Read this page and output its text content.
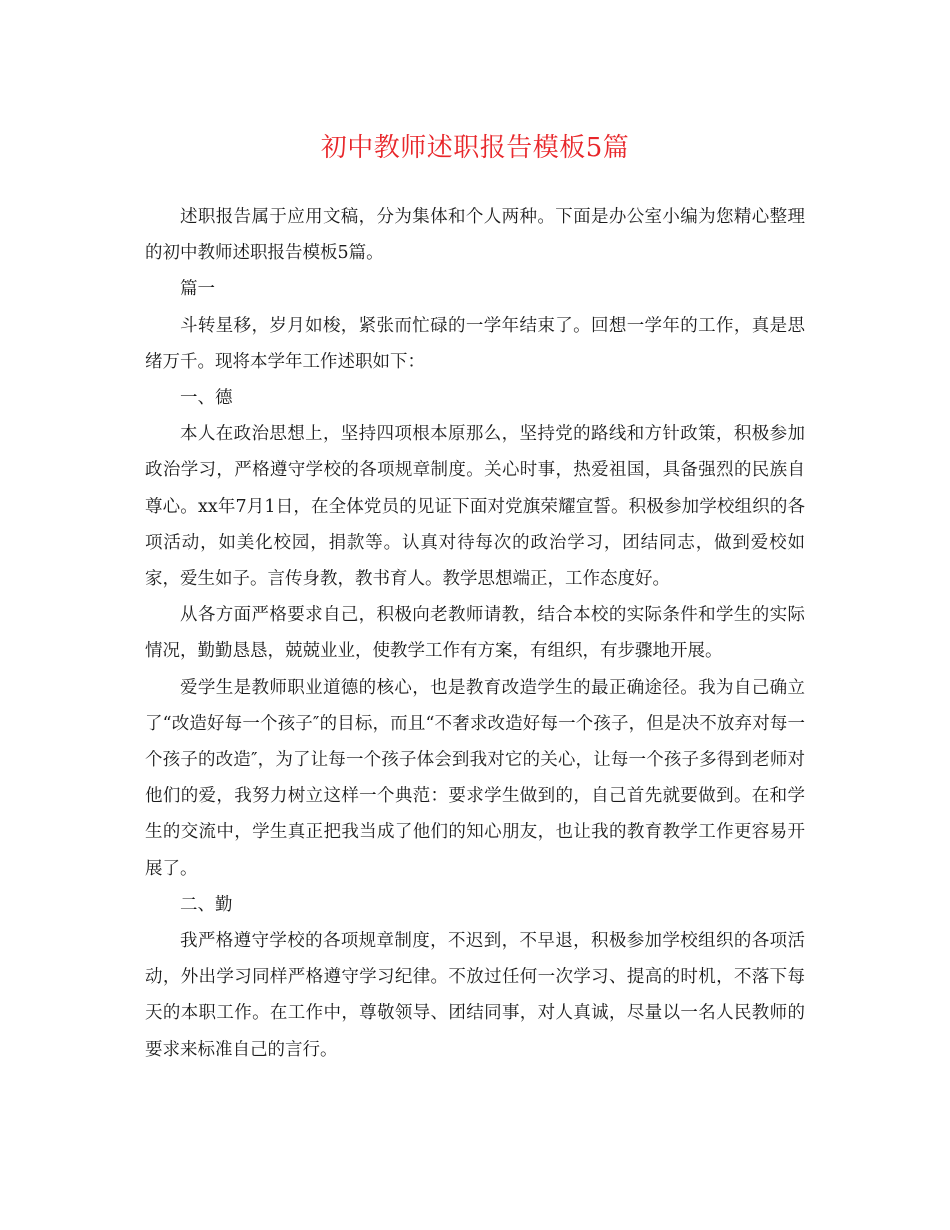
初中教师述职报告模板5篇

述职报告属于应用文稿，分为集体和个人两种。下面是办公室小编为您精心整理的初中教师述职报告模板5篇。

篇一

斗转星移，岁月如梭，紧张而忙碌的一学年结束了。回想一学年的工作，真是思绪万千。现将本学年工作述职如下：

一、德

本人在政治思想上，坚持四项根本原那么，坚持党的路线和方针政策，积极参加政治学习，严格遵守学校的各项规章制度。关心时事，热爱祖国，具备强烈的民族自尊心。xx年7月1日，在全体党员的见证下面对党旗荣耀宣誓。积极参加学校组织的各项活动，如美化校园，捐款等。认真对待每次的政治学习，团结同志，做到爱校如家，爱生如子。言传身教，教书育人。教学思想端正，工作态度好。

从各方面严格要求自己，积极向老教师请教，结合本校的实际条件和学生的实际情况，勤勤恳恳，兢兢业业，使教学工作有方案，有组织，有步骤地开展。

爱学生是教师职业道德的核心，也是教育改造学生的最正确途径。我为自己确立了“改造好每一个孩子″的目标，而且“不奢求改造好每一个孩子，但是决不放弃对每一个孩子的改造″，为了让每一个孩子体会到我对它的关心，让每一个孩子多得到老师对他们的爱，我努力树立这样一个典范：要求学生做到的，自己首先就要做到。在和学生的交流中，学生真正把我当成了他们的知心朋友，也让我的教育教学工作更容易开展了。

二、勤

我严格遵守学校的各项规章制度，不迟到，不早退，积极参加学校组织的各项活动，外出学习同样严格遵守学习纪律。不放过任何一次学习、提高的时机，不落下每天的本职工作。在工作中，尊敬领导、团结同事，对人真诚，尽量以一名人民教师的要求来标准自己的言行。
